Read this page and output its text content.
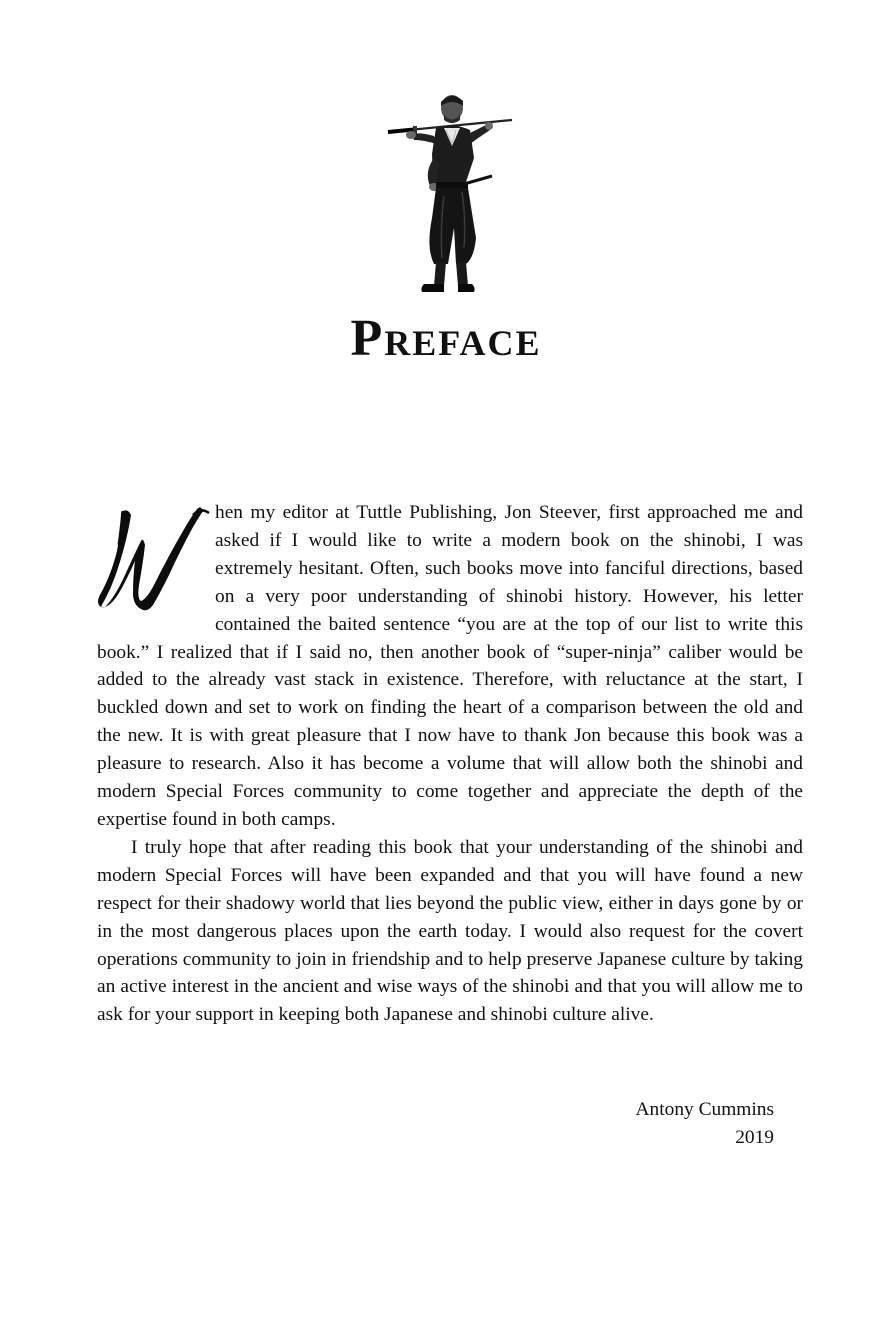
Preface

hen my editor at Tuttle Publishing, Jon Steever, first approached me and asked if I would like to write a modern book on the shinobi, I was extremely hesitant. Often, such books move into fanciful directions, based on a very poor understanding of shinobi history. However, his letter contained the baited sentence “you are at the top of our list to write this book.” I realized that if I said no, then another book of “super-ninja” caliber would be added to the already vast stack in existence. Therefore, with reluctance at the start, I buckled down and set to work on finding the heart of a comparison between the old and the new. It is with great pleasure that I now have to thank Jon because this book was a pleasure to research. Also it has become a volume that will allow both the shinobi and modern Special Forces community to come together and appreciate the depth of the expertise found in both camps.

I truly hope that after reading this book that your understanding of the shinobi and modern Special Forces will have been expanded and that you will have found a new respect for their shadowy world that lies beyond the public view, either in days gone by or in the most dangerous places upon the earth today. I would also request for the covert operations community to join in friendship and to help preserve Japanese culture by taking an active interest in the ancient and wise ways of the shinobi and that you will allow me to ask for your support in keeping both Japanese and shinobi culture alive.

Antony Cummins
2019
